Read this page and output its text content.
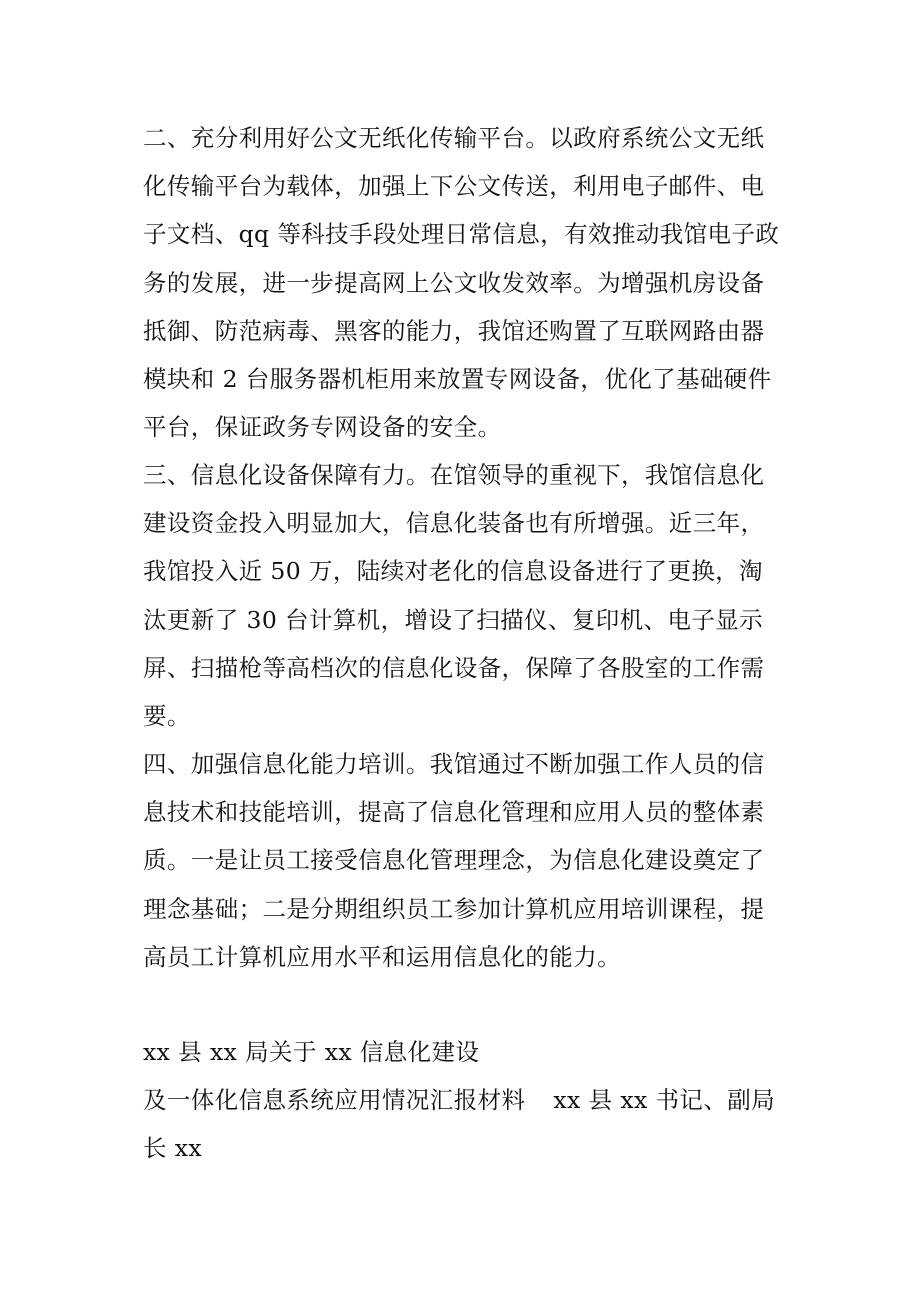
二、充分利用好公文无纸化传输平台。以政府系统公文无纸化传输平台为载体，加强上下公文传送，利用电子邮件、电子文档、qq 等科技手段处理日常信息，有效推动我馆电子政务的发展，进一步提高网上公文收发效率。为增强机房设备抵御、防范病毒、黑客的能力，我馆还购置了互联网路由器模块和 2 台服务器机柜用来放置专网设备，优化了基础硬件平台，保证政务专网设备的安全。

三、信息化设备保障有力。在馆领导的重视下，我馆信息化建设资金投入明显加大，信息化装备也有所增强。近三年，我馆投入近 50 万，陆续对老化的信息设备进行了更换，淘汰更新了 30 台计算机，增设了扫描仪、复印机、电子显示屏、扫描枪等高档次的信息化设备，保障了各股室的工作需要。

四、加强信息化能力培训。我馆通过不断加强工作人员的信息技术和技能培训，提高了信息化管理和应用人员的整体素质。一是让员工接受信息化管理理念，为信息化建设奠定了理念基础；二是分期组织员工参加计算机应用培训课程，提高员工计算机应用水平和运用信息化的能力。

xx 县 xx 局关于 xx 信息化建设
及一体化信息系统应用情况汇报材料 xx 县 xx 书记、副局
长 xx
